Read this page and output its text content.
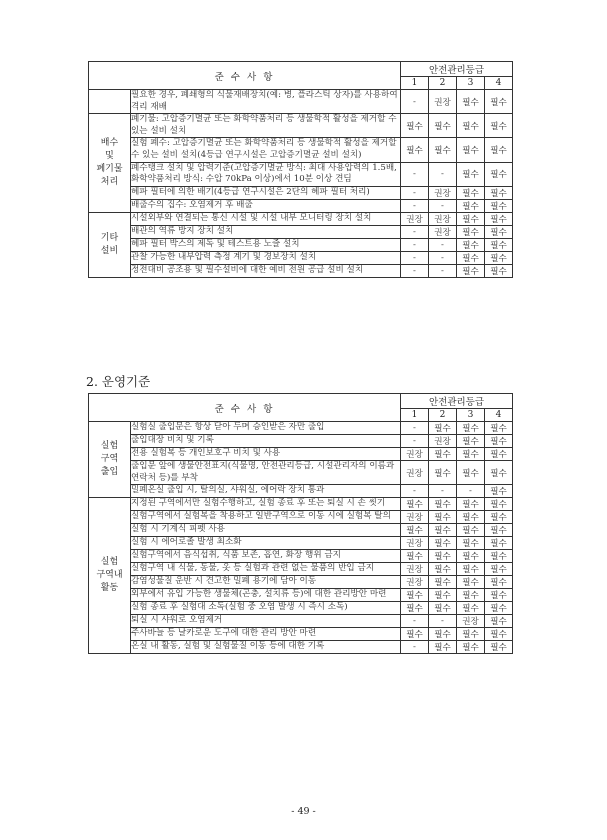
준 수 사 항		안전관리등급			
		1	2	3	4
	필요한 경우, 폐쇄형의 식물재배장치(예: 병, 플라스틱 상자)를 사용하여 격리 재배	-	권장	필수	필수
배수
및
폐기물
처리	폐기물: 고압증기멸균 또는 화학약품처리 등 생물학적 활성을 제거할 수 있는 설비 설치	필수	필수	필수	필수
	실험 폐수: 고압증기멸균 또는 화학약품처리 등 생물학적 활성을 제거할 수 있는 설비 설치(4등급 연구시설은 고압증기멸균 설비 설치)	필수	필수	필수	필수
	폐수탱크 설치 및 압력기준(고압증기멸균 방식: 최대 사용압력의 1.5배, 화학약품처리 방식: 수압 70kPa 이상)에서 10분 이상 견딤	-	-	필수	필수
	헤파 필터에 의한 배기(4등급 연구시설은 2단의 헤파 필터 처리)	-	권장	필수	필수
	배출수의 집수: 오염제거 후 배출	-	-	필수	필수
기타
설비	시설외부와 연결되는 통신 시설 및 시설 내부 모니터링 장치 설치	권장	권장	필수	필수
	배관의 역류 방지 장치 설치	-	권장	필수	필수
	헤파 필터 박스의 제독 및 테스트용 노즐 설치	-	-	필수	필수
	관찰 가능한 내부압력 측정 계기 및 경보장치 설치	-	-	필수	필수
	정전대비 공조용 및 필수설비에 대한 예비 전원 공급 설비 설치	-	-	필수	필수
2. 운영기준
준 수 사 항		안전관리등급			
		1	2	3	4
실험
구역
출입	실험실 출입문은 항상 닫아 두며 승인받은 자만 출입	-	필수	필수	필수
	출입대장 비치 및 기록	-	권장	필수	필수
	전용 실험복 등 개인보호구 비치 및 사용	권장	필수	필수	필수
	출입문 앞에 생물안전표지(식물명, 안전관리등급, 시설관리자의 이름과 연락처 등)를 부착	권장	필수	필수	필수
	밀폐온실 출입 시, 탈의실, 샤워실, 에어락 장치 통과	-	-	-	필수
실험
구역내
활동	지정된 구역에서만 실험수행하고, 실험 종료 후 또는 퇴실 시 손 씻기	필수	필수	필수	필수
	실험구역에서 실험복을 착용하고 일반구역으로 이동 시에 실험복 탈의	권장	필수	필수	필수
	실험 시 기계식 피펫 사용	필수	필수	필수	필수
	실험 시 에어로졸 발생 최소화	권장	필수	필수	필수
	실험구역에서 음식섭취, 식품 보존, 흡연, 화장 행위 금지	필수	필수	필수	필수
	실험구역 내 식물, 동물, 옷 등 실험과 관련 없는 물품의 반입 금지	권장	필수	필수	필수
	감염성물질 운반 시 견고한 밀폐 용기에 담아 이동	권장	필수	필수	필수
	외부에서 유입 가능한 생물체(곤충, 설치류 등)에 대한 관리방안 마련	필수	필수	필수	필수
	실험 종료 후 실험대 소독(실험 중 오염 발생 시 즉시 소독)	필수	필수	필수	필수
	퇴실 시 샤워로 오염제거	-	-	권장	필수
	주사바늘 등 날카로운 도구에 대한 관리 방안 마련	필수	필수	필수	필수
	온실 내 활동, 실험 및 실험물질 이동 등에 대한 기록	-	필수	필수	필수
- 49 -
